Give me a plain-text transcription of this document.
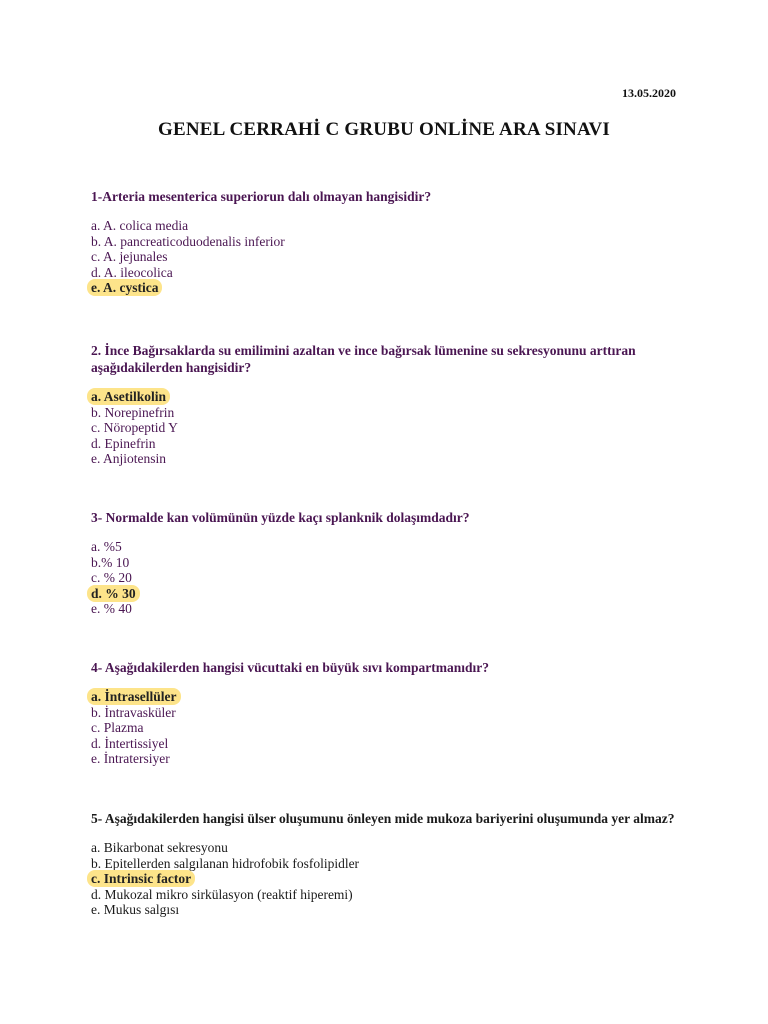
13.05.2020
GENEL CERRAHİ C GRUBU ONLİNE ARA SINAVI

1-Arteria mesenterica superiorun dalı olmayan hangisidir?

a. A. colica media
b. A. pancreaticoduodenalis inferior
c. A. jejunales
d. A. ileocolica
e. A. cystica

2. İnce Bağırsaklarda su emilimini azaltan ve ince bağırsak lümenine su sekresyonunu arttıran aşağıdakilerden hangisidir?

a. Asetilkolin
b. Norepinefrin
c. Nöropeptid Y
d. Epinefrin
e. Anjiotensin

3- Normalde kan volümünün yüzde kaçı splanknik dolaşımdadır?

a. %5
b.% 10
c. % 20
d. % 30
e. % 40

4- Aşağıdakilerden hangisi vücuttaki en büyük sıvı kompartmanıdır?

a. İntrasellüler
b. İntravasküler
c. Plazma
d. İntertissiyel
e. İntratersiyer

5- Aşağıdakilerden hangisi ülser oluşumunu önleyen mide mukoza bariyerini oluşumunda yer almaz?

a. Bikarbonat sekresyonu
b. Epitellerden salgılanan hidrofobik fosfolipidler
c. Intrinsic factor
d. Mukozal mikro sirkülasyon (reaktif hiperemi)
e. Mukus salgısı
